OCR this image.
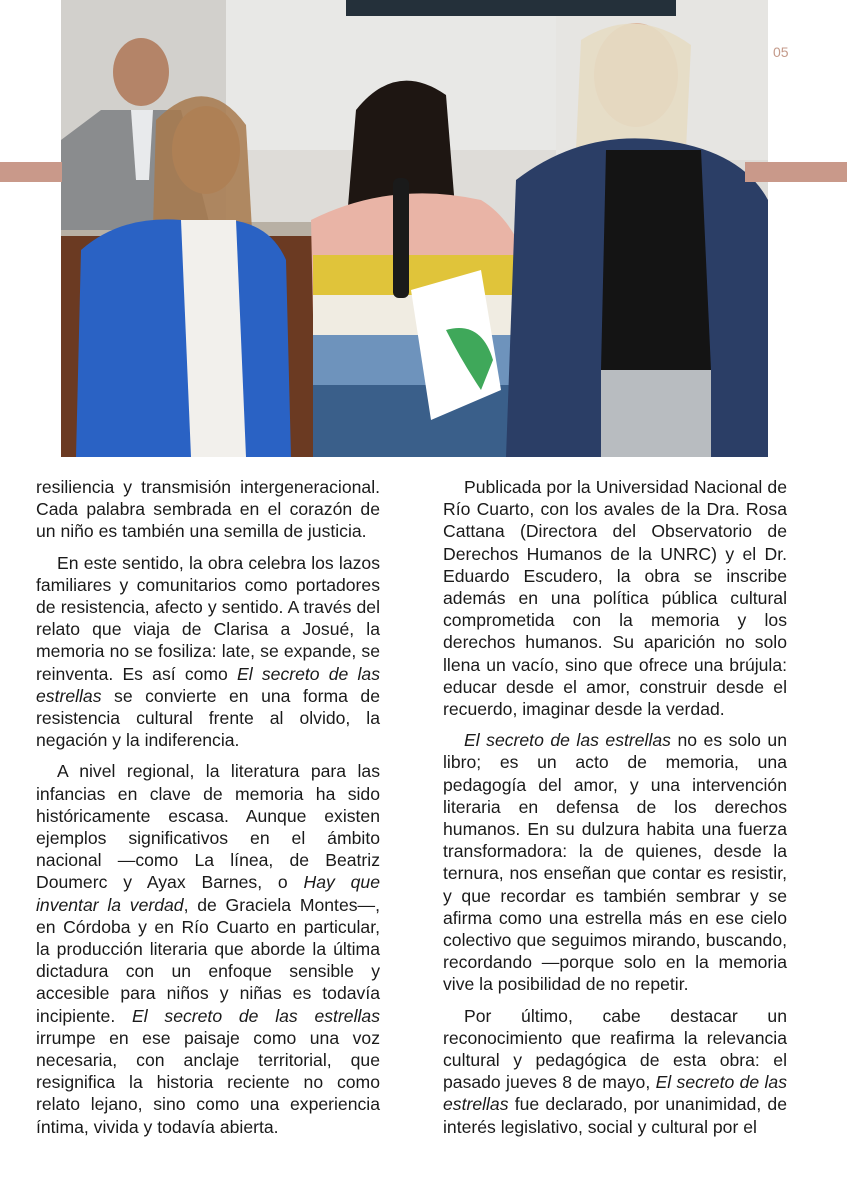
05

resiliencia y transmisión intergeneracional. Cada palabra sembrada en el corazón de un niño es también una semilla de justicia.

En este sentido, la obra celebra los lazos familiares y comunitarios como portadores de resistencia, afecto y sentido. A través del relato que viaja de Clarisa a Josué, la memoria no se fosiliza: late, se expande, se reinventa. Es así como El secreto de las estrellas se convierte en una forma de resistencia cultural frente al olvido, la negación y la indiferencia.

A nivel regional, la literatura para las infancias en clave de memoria ha sido históricamente escasa. Aunque existen ejemplos significativos en el ámbito nacional —como La línea, de Beatriz Doumerc y Ayax Barnes, o Hay que inventar la verdad, de Graciela Montes—, en Córdoba y en Río Cuarto en particular, la producción literaria que aborde la última dictadura con un enfoque sensible y accesible para niños y niñas es todavía incipiente. El secreto de las estrellas irrumpe en ese paisaje como una voz necesaria, con anclaje territorial, que resignifica la historia reciente no como relato lejano, sino como una experiencia íntima, vivida y todavía abierta.

Publicada por la Universidad Nacional de Río Cuarto, con los avales de la Dra. Rosa Cattana (Directora del Observatorio de Derechos Humanos de la UNRC) y el Dr. Eduardo Escudero, la obra se inscribe además en una política pública cultural comprometida con la memoria y los derechos humanos. Su aparición no solo llena un vacío, sino que ofrece una brújula: educar desde el amor, construir desde el recuerdo, imaginar desde la verdad.

El secreto de las estrellas no es solo un libro; es un acto de memoria, una pedagogía del amor, y una intervención literaria en defensa de los derechos humanos. En su dulzura habita una fuerza transformadora: la de quienes, desde la ternura, nos enseñan que contar es resistir, y que recordar es también sembrar y se afirma como una estrella más en ese cielo colectivo que seguimos mirando, buscando, recordando —porque solo en la memoria vive la posibilidad de no repetir.

Por último, cabe destacar un reconocimiento que reafirma la relevancia cultural y pedagógica de esta obra: el pasado jueves 8 de mayo, El secreto de las estrellas fue declarado, por unanimidad, de interés legislativo, social y cultural por el
